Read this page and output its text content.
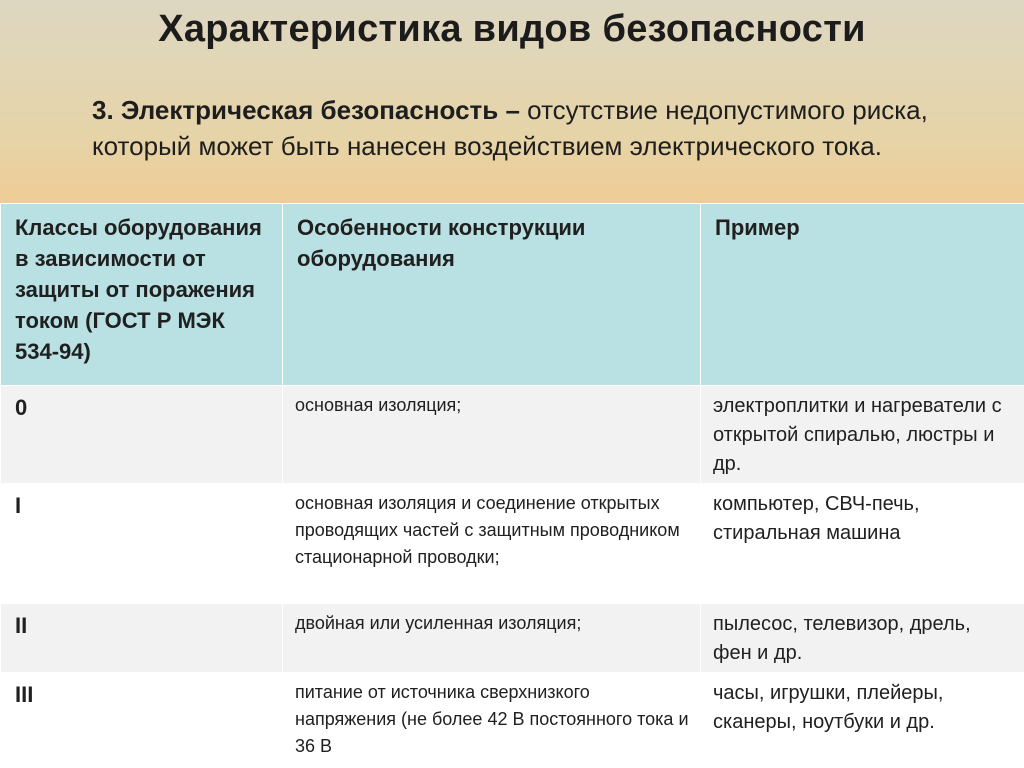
Характеристика видов безопасности
3. Электрическая безопасность – отсутствие недопустимого риска, который может быть нанесен воздействием электрического тока.
Классы оборудования в зависимости от защиты от поражения током (ГОСТ Р МЭК 534-94)	Особенности конструкции оборудования	Пример
0	основная изоляция;	электроплитки и нагреватели с открытой спиралью, люстры и др.
I	основная изоляция и соединение открытых проводящих частей с защитным проводником стационарной проводки;	компьютер, СВЧ-печь, стиральная машина
II	двойная или усиленная изоляция;	пылесос, телевизор, дрель, фен и др.
III	питание от источника сверхнизкого напряжения (не более 42 В постоянного тока и 36 В	часы, игрушки, плейеры, сканеры, ноутбуки и др.
